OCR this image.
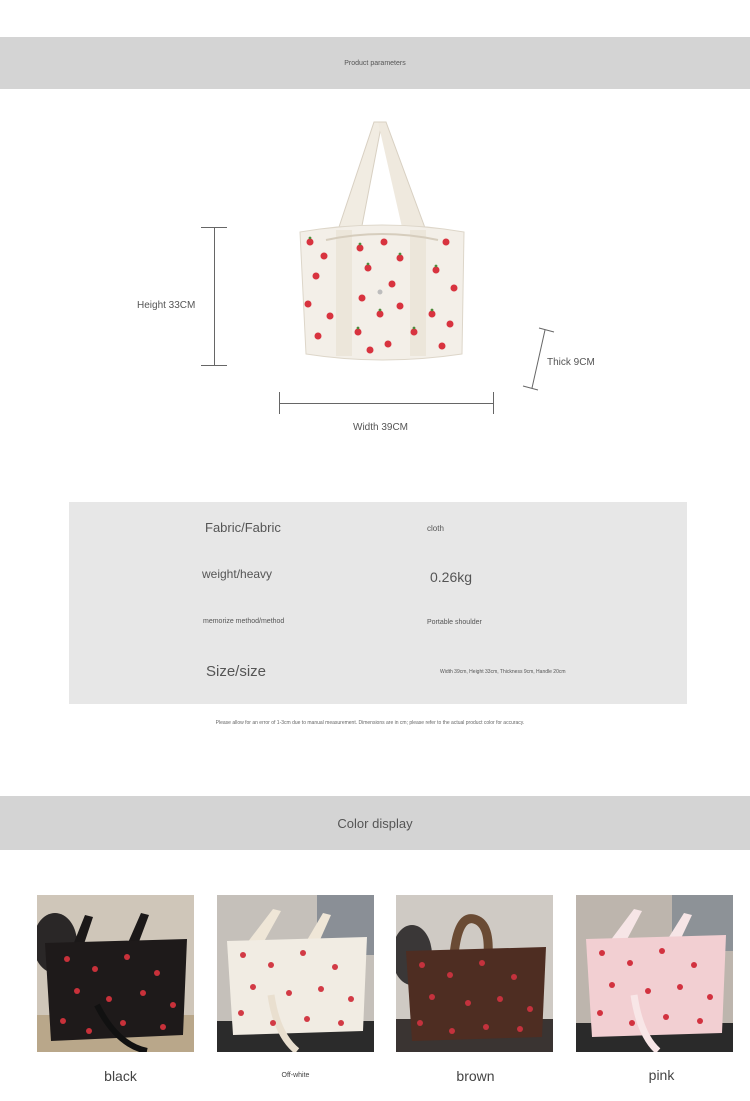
Product parameters
Height 33CM
Thick 9CM
Width 39CM
Fabric/Fabric	cloth
weight/heavy	0.26kg
memorize method/method	Portable shoulder
Size/size	Width 39cm, Height 33cm, Thickness 9cm, Handle 20cm
Please allow for an error of 1-3cm due to manual measurement. Dimensions are in cm; please refer to the actual product color for accuracy.
Color display
black	Off-white	brown	pink
